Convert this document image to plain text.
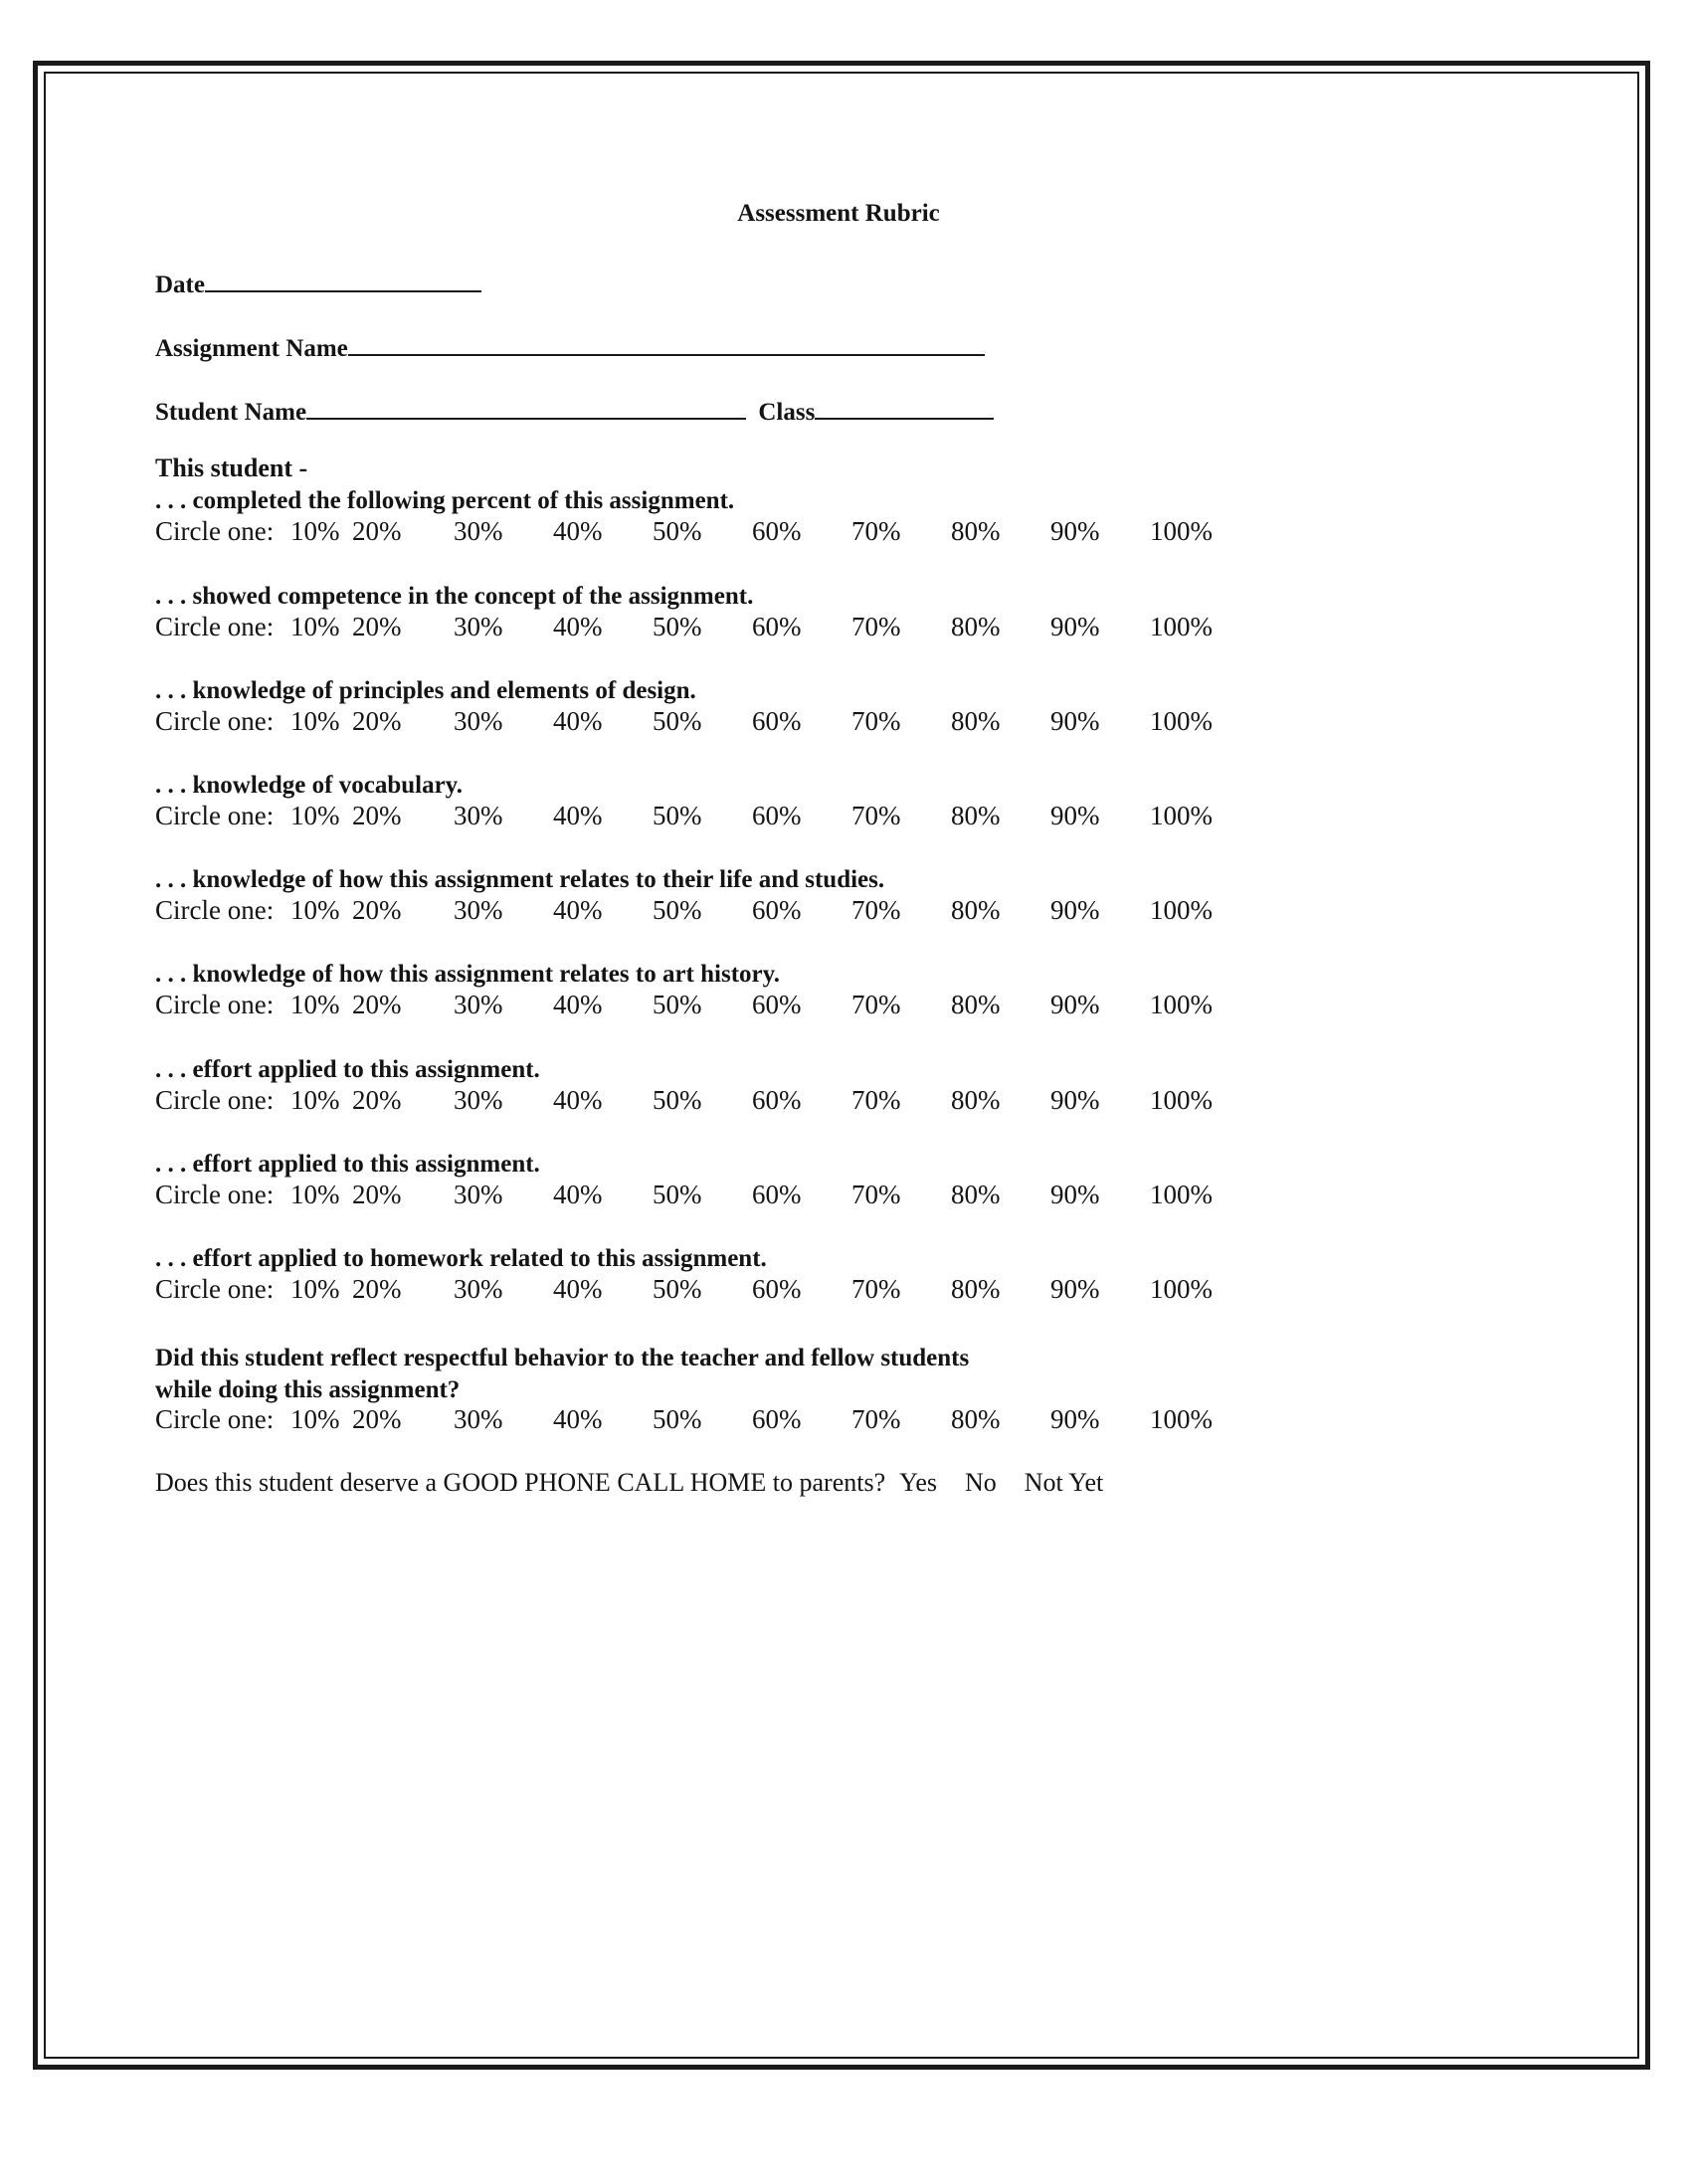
Assessment Rubric
Date
Assignment Name
Student Name	Class
This student -
. . . completed the following percent of this assignment.
Circle one: 10% 20% 30% 40% 50% 60% 70% 80% 90% 100%
. . . showed competence in the concept of the assignment.
Circle one: 10% 20% 30% 40% 50% 60% 70% 80% 90% 100%
. . . knowledge of principles and elements of design.
Circle one: 10% 20% 30% 40% 50% 60% 70% 80% 90% 100%
. . . knowledge of vocabulary.
Circle one: 10% 20% 30% 40% 50% 60% 70% 80% 90% 100%
. . . knowledge of how this assignment relates to their life and studies.
Circle one: 10% 20% 30% 40% 50% 60% 70% 80% 90% 100%
. . . knowledge of how this assignment relates to art history.
Circle one: 10% 20% 30% 40% 50% 60% 70% 80% 90% 100%
. . . effort applied to this assignment.
Circle one: 10% 20% 30% 40% 50% 60% 70% 80% 90% 100%
. . . effort applied to this assignment.
Circle one: 10% 20% 30% 40% 50% 60% 70% 80% 90% 100%
. . . effort applied to homework related to this assignment.
Circle one: 10% 20% 30% 40% 50% 60% 70% 80% 90% 100%
Did this student reflect respectful behavior to the teacher and fellow students
while doing this assignment?
Circle one: 10% 20% 30% 40% 50% 60% 70% 80% 90% 100%
Does this student deserve a GOOD PHONE CALL HOME to parents? Yes No Not Yet
